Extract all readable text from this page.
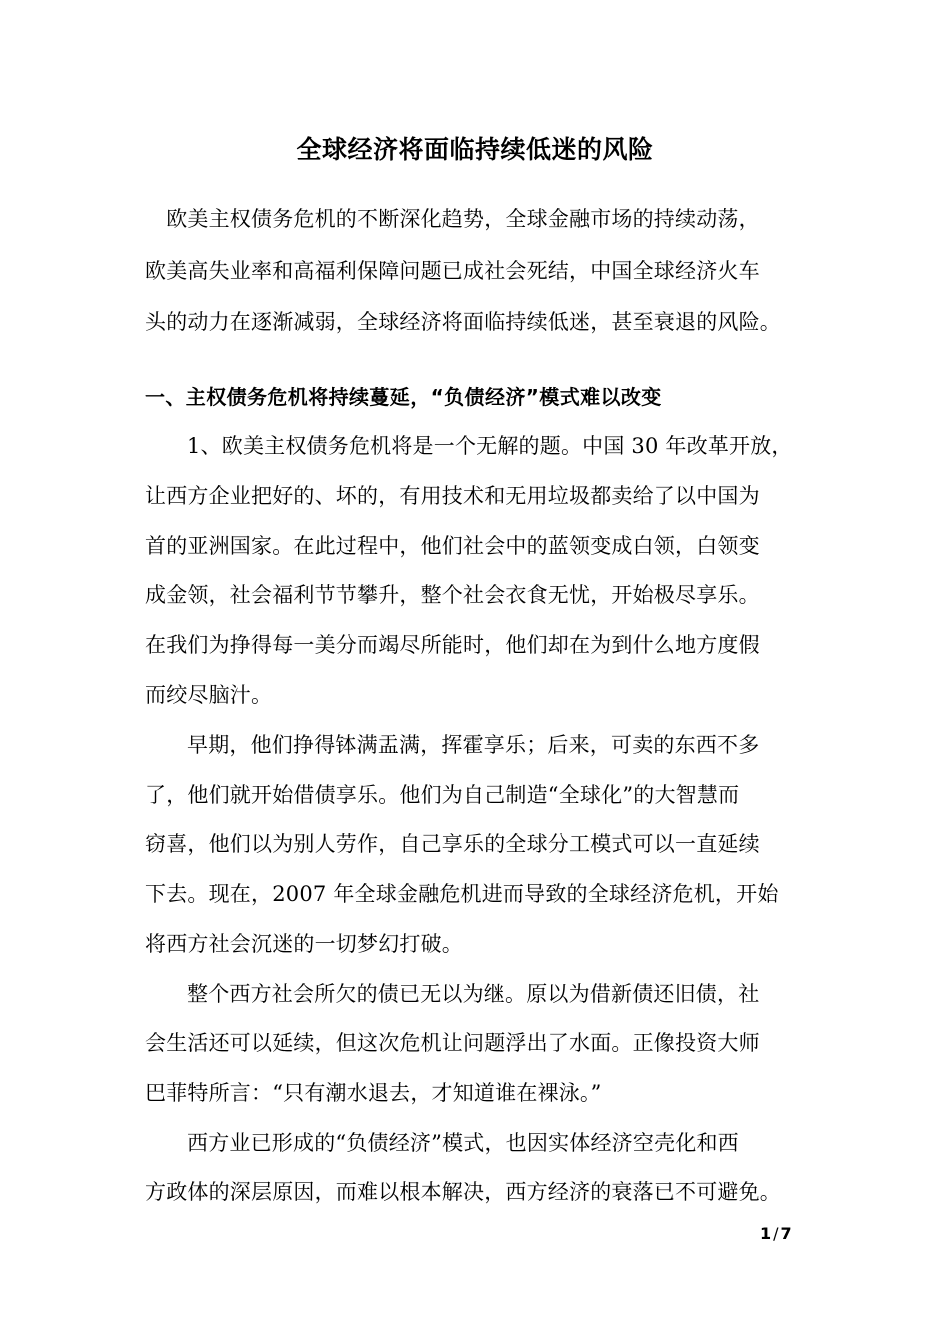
全球经济将面临持续低迷的风险
 欧美主权债务危机的不断深化趋势，全球金融市场的持续动荡，
欧美高失业率和高福利保障问题已成社会死结，中国全球经济火车
头的动力在逐渐减弱，全球经济将面临持续低迷，甚至衰退的风险。
一、主权债务危机将持续蔓延，“负债经济”模式难以改变
1、欧美主权债务危机将是一个无解的题。中国 30 年改革开放，
让西方企业把好的、坏的，有用技术和无用垃圾都卖给了以中国为
首的亚洲国家。在此过程中，他们社会中的蓝领变成白领，白领变
成金领，社会福利节节攀升，整个社会衣食无忧，开始极尽享乐。
在我们为挣得每一美分而竭尽所能时，他们却在为到什么地方度假
而绞尽脑汁。
早期，他们挣得钵满盂满，挥霍享乐；后来，可卖的东西不多
了，他们就开始借债享乐。他们为自己制造“全球化”的大智慧而
窃喜，他们以为别人劳作，自己享乐的全球分工模式可以一直延续
下去。现在，2007 年全球金融危机进而导致的全球经济危机，开始
将西方社会沉迷的一切梦幻打破。
整个西方社会所欠的债已无以为继。原以为借新债还旧债，社
会生活还可以延续，但这次危机让问题浮出了水面。正像投资大师
巴菲特所言：“只有潮水退去，才知道谁在裸泳。”
西方业已形成的“负债经济”模式，也因实体经济空壳化和西
方政体的深层原因，而难以根本解决，西方经济的衰落已不可避免。
1 / 7
